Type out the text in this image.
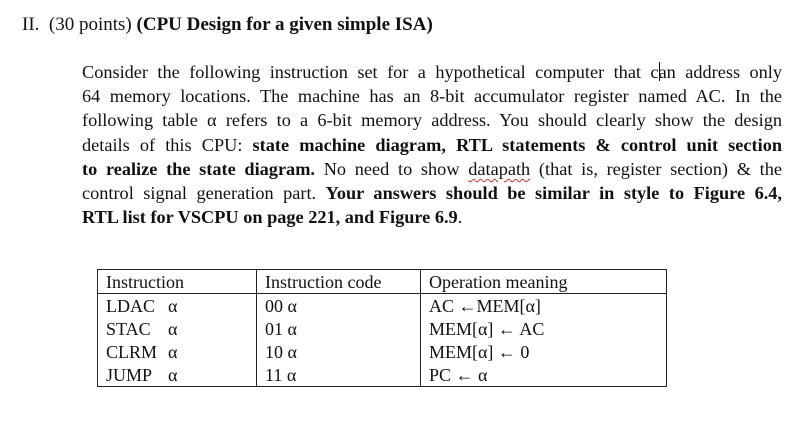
II. (30 points) (CPU Design for a given simple ISA)
Consider the following instruction set for a hypothetical computer that can address only
64 memory locations. The machine has an 8-bit accumulator register named AC. In the
following table α refers to a 6-bit memory address. You should clearly show the design
details of this CPU: state machine diagram, RTL statements & control unit section
to realize the state diagram. No need to show datapath (that is, register section) & the
control signal generation part. Your answers should be similar in style to Figure 6.4,
RTL list for VSCPU on page 221, and Figure 6.9.
Instruction	Instruction code	Operation meaning
LDAC α	00 α	AC ←MEM[α]
STAC α	01 α	MEM[α] ← AC
CLRM α	10 α	MEM[α] ← 0
JUMP α	11 α	PC ← α
